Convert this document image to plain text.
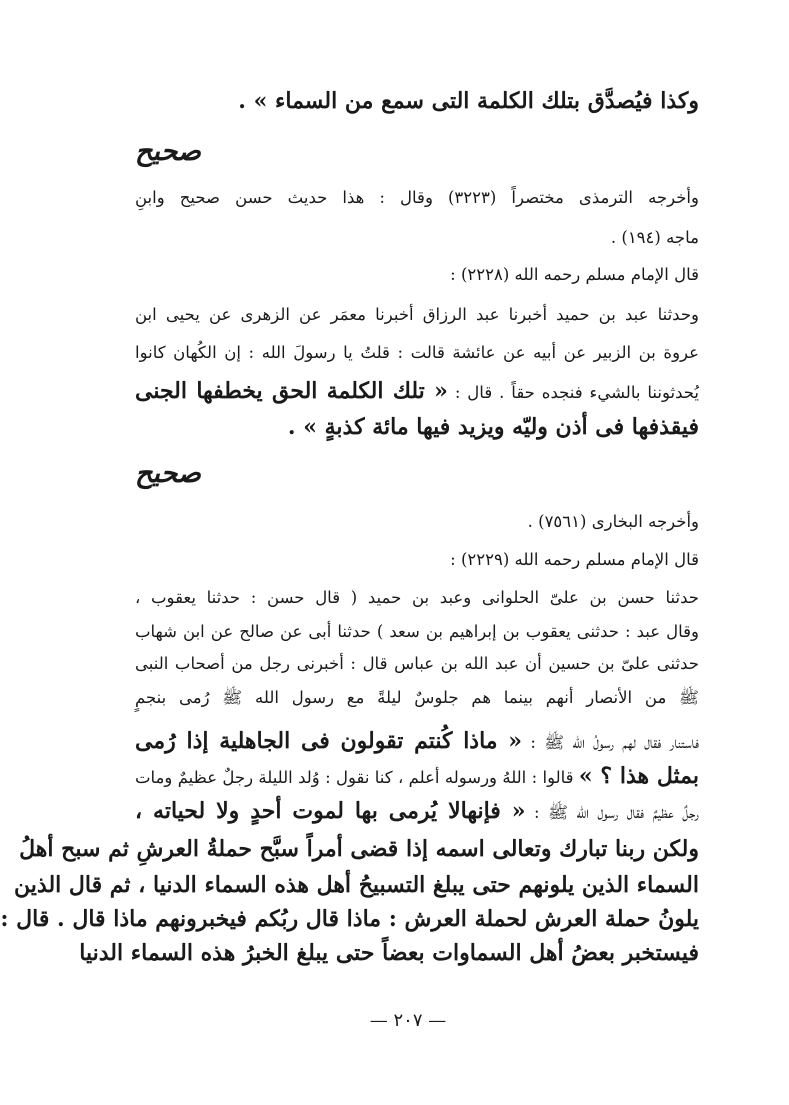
وكذا فيُصدَّق بتلك الكلمة التى سمع من السماء » .
صحيح
وأخرجه الترمذى مختصراً (٣٢٢٣) وقال : هذا حديث حسن صحيح وابنِ
ماجه (١٩٤) .
قال الإمام مسلم رحمه الله (٢٢٢٨) :
وحدثنا عبد بن حميد أخبرنا عبد الرزاق أخبرنا معمَر عن الزهرى عن يحيى ابن
عروة بن الزبير عن أبيه عن عائشة قالت : قلتُ يا رسولَ الله : إن الكُهان كانوا
يُحدثوننا بالشيء فنجده حقاً . قال : « تلك الكلمة الحق يخطفها الجنى
فيقذفها فى أذن وليّه ويزيد فيها مائة كذبةٍ » .
صحيح
وأخرجه البخارى (٧٥٦١) .
قال الإمام مسلم رحمه الله (٢٢٢٩) :
حدثنا حسن بن علىّ الحلوانى وعبد بن حميد ( قال حسن : حدثنا يعقوب ،
وقال عبد : حدثنى يعقوب بن إبراهيم بن سعد ) حدثنا أبى عن صالح عن ابن شهاب
حدثنى علىّ بن حسين أن عبد الله بن عباس قال : أخبرنى رجل من أصحاب النبى
ﷺ من الأنصار أنهم بينما هم جلوسٌ ليلةً مع رسول الله ﷺ رُمى بنجمٍ
فاستنار فقال لهم رسولُ الله ﷺ : « ماذا كُنتم تقولون فى الجاهلية إذا رُمى
بمثل هذا ؟ » قالوا : اللهُ ورسوله أعلم ، كنا نقول : وُلد الليلة رجلٌ عظيمٌ ومات
رجلٌ عظيمٌ فقال رسول الله ﷺ : « فإنهالا يُرمى بها لموت أحدٍ ولا لحياته ،
ولكن ربنا تبارك وتعالى اسمه إذا قضى أمراً سبَّح حملةُ العرشِ ثم سبح أهلُ
السماء الذين يلونهم حتى يبلغ التسبيحُ أهل هذه السماء الدنيا ، ثم قال الذين
يلونُ حملة العرش لحملة العرش : ماذا قال ربُكم فيخبرونهم ماذا قال . قال :
فيستخبر بعضُ أهل السماوات بعضاً حتى يبلغ الخبرُ هذه السماء الدنيا
— ٢٠٧ —
